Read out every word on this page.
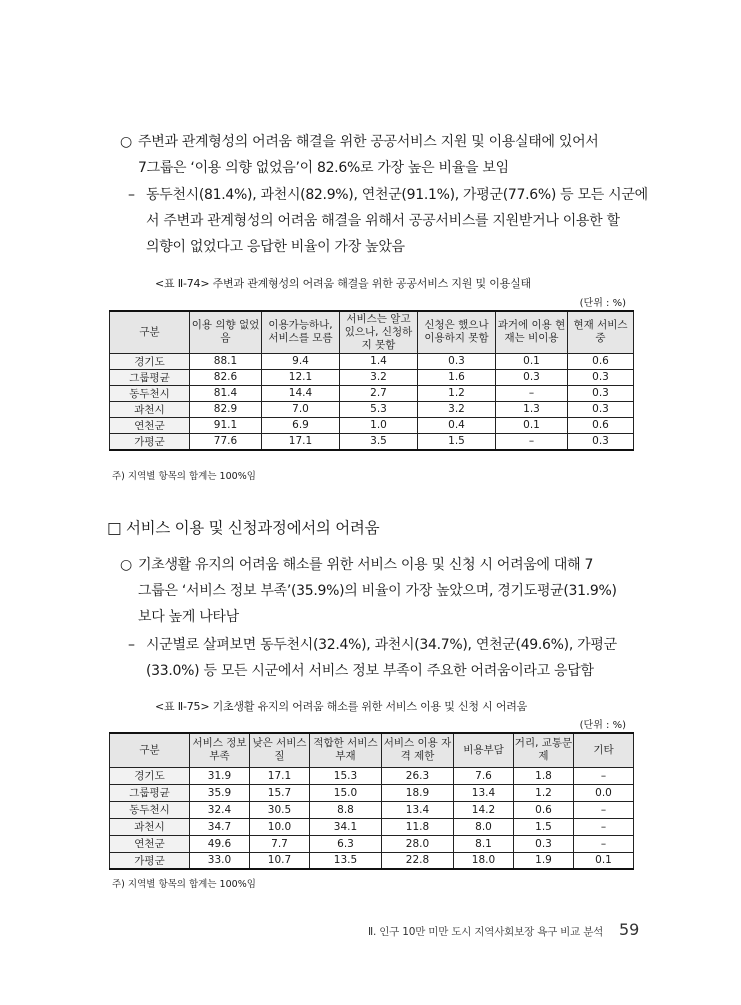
○ 주변과 관계형성의 어려움 해결을 위한 공공서비스 지원 및 이용실태에 있어서
7그룹은 ‘이용 의향 없었음’이 82.6%로 가장 높은 비율을 보임
– 동두천시(81.4%), 과천시(82.9%), 연천군(91.1%), 가평군(77.6%) 등 모든 시군에
서 주변과 관계형성의 어려움 해결을 위해서 공공서비스를 지원받거나 이용한 할
의향이 없었다고 응답한 비율이 가장 높았음
<표 Ⅱ-74> 주변과 관계형성의 어려움 해결을 위한 공공서비스 지원 및 이용실태
(단위 : %)
구분	이용 의향 없었음	이용가능하나, 서비스를 모름	서비스는 알고 있으나, 신청하지 못함	신청은 했으나 이용하지 못함	과거에 이용 현재는 비이용	현재 서비스 중
경기도	88.1	9.4	1.4	0.3	0.1	0.6
그룹평균	82.6	12.1	3.2	1.6	0.3	0.3
동두천시	81.4	14.4	2.7	1.2	–	0.3
과천시	82.9	7.0	5.3	3.2	1.3	0.3
연천군	91.1	6.9	1.0	0.4	0.1	0.6
가평군	77.6	17.1	3.5	1.5	–	0.3
주) 지역별 항목의 합계는 100%임
□ 서비스 이용 및 신청과정에서의 어려움
○ 기초생활 유지의 어려움 해소를 위한 서비스 이용 및 신청 시 어려움에 대해 7
그룹은 ‘서비스 정보 부족’(35.9%)의 비율이 가장 높았으며, 경기도평균(31.9%)
보다 높게 나타남
– 시군별로 살펴보면 동두천시(32.4%), 과천시(34.7%), 연천군(49.6%), 가평군
(33.0%) 등 모든 시군에서 서비스 정보 부족이 주요한 어려움이라고 응답함
<표 Ⅱ-75> 기초생활 유지의 어려움 해소를 위한 서비스 이용 및 신청 시 어려움
(단위 : %)
구분	서비스 정보 부족	낮은 서비스 질	적합한 서비스 부재	서비스 이용 자격 제한	비용부담	거리, 교통문제	기타
경기도	31.9	17.1	15.3	26.3	7.6	1.8	–
그룹평균	35.9	15.7	15.0	18.9	13.4	1.2	0.0
동두천시	32.4	30.5	8.8	13.4	14.2	0.6	–
과천시	34.7	10.0	34.1	11.8	8.0	1.5	–
연천군	49.6	7.7	6.3	28.0	8.1	0.3	–
가평군	33.0	10.7	13.5	22.8	18.0	1.9	0.1
주) 지역별 항목의 합계는 100%임
Ⅱ. 인구 10만 미만 도시 지역사회보장 욕구 비교 분석 59
